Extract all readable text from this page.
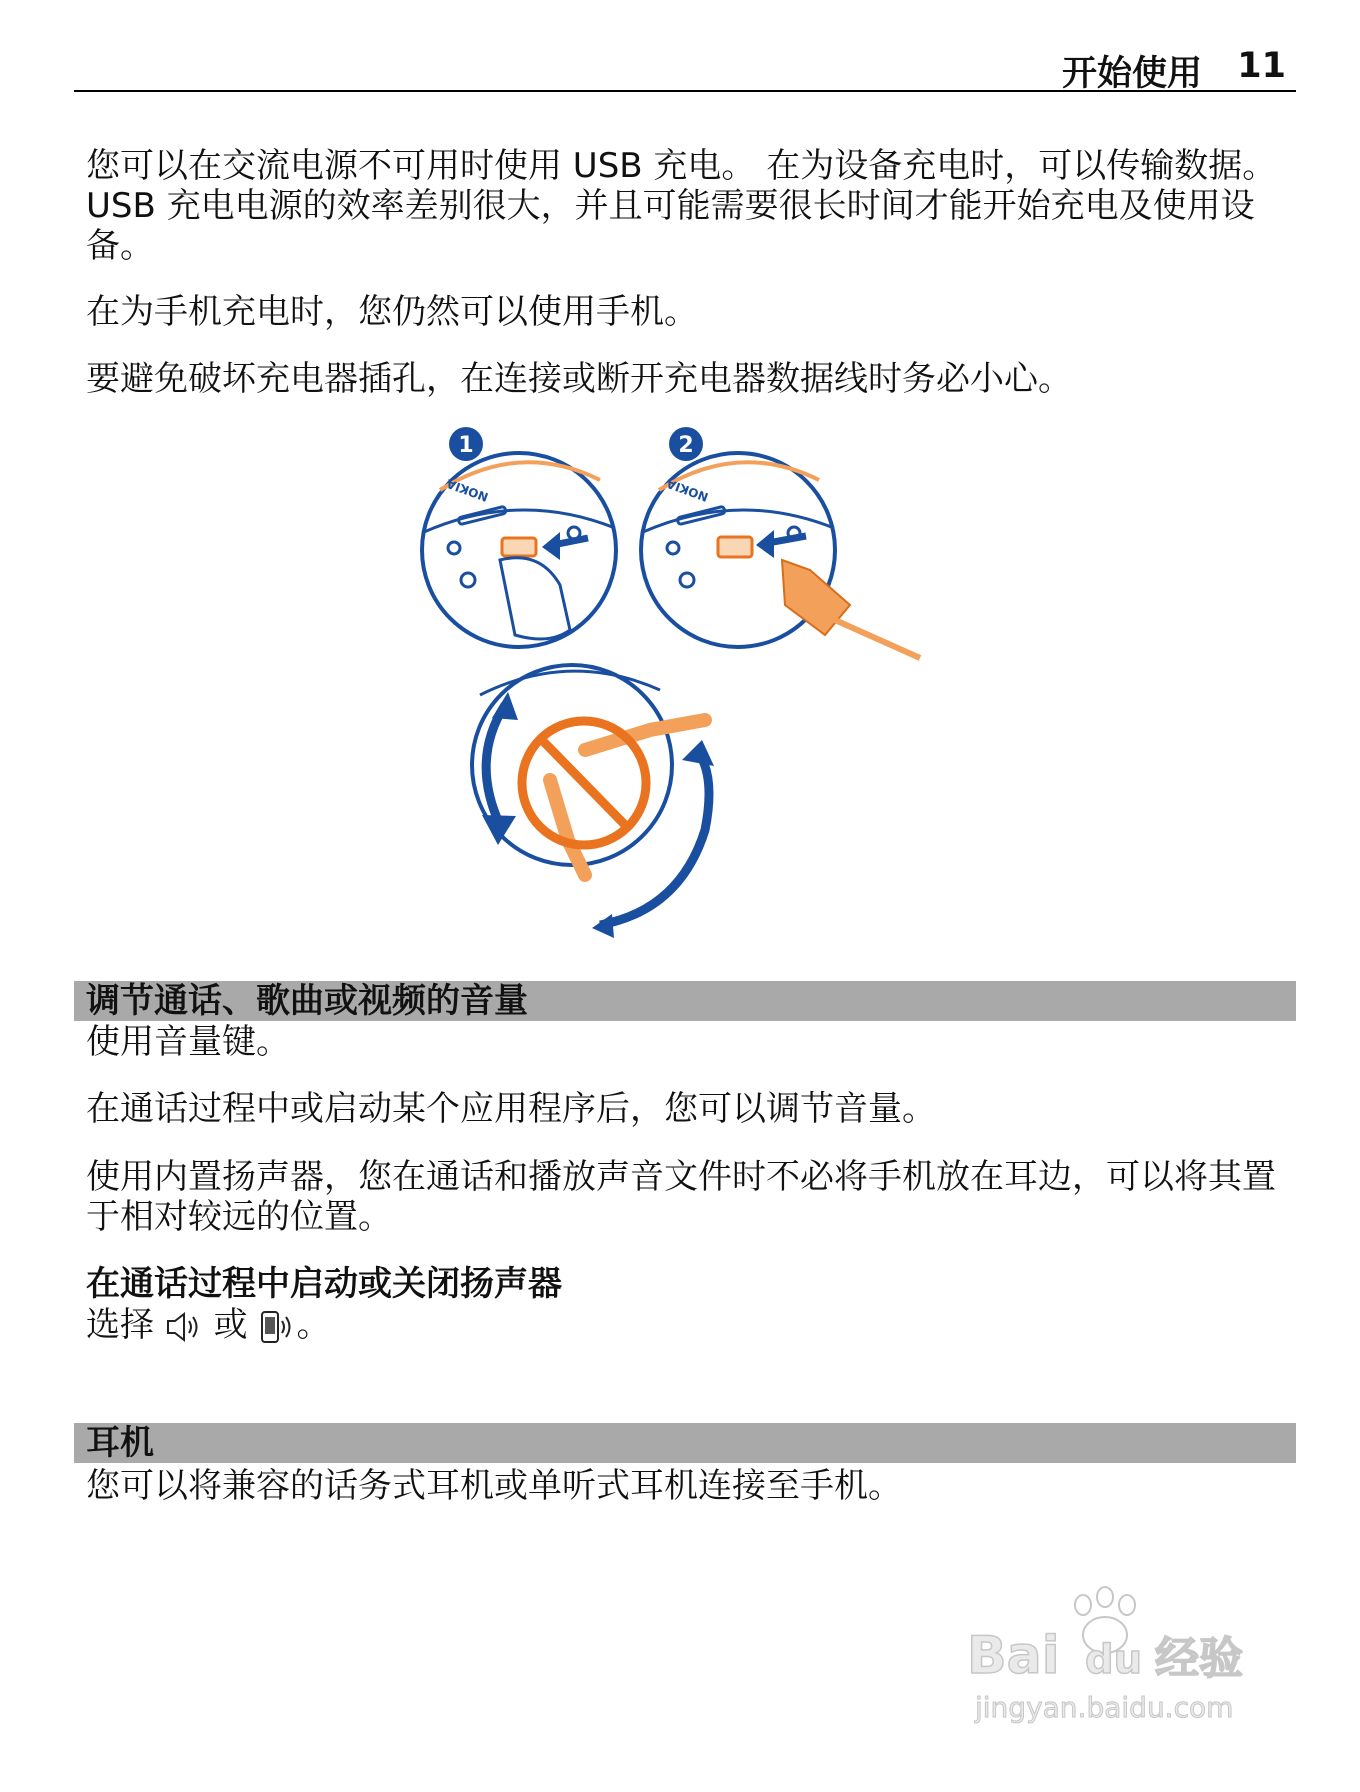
开始使用 11

您可以在交流电源不可用时使用 USB 充电。 在为设备充电时，可以传输数据。 USB 充电电源的效率差别很大，并且可能需要很长时间才能开始充电及使用设备。

在为手机充电时，您仍然可以使用手机。

要避免破坏充电器插孔，在连接或断开充电器数据线时务必小心。

NOKIA
1
NOKIA
2
调节通话、歌曲或视频的音量

使用音量键。

在通话过程中或启动某个应用程序后，您可以调节音量。

使用内置扬声器，您在通话和播放声音文件时不必将手机放在耳边，可以将其置于相对较远的位置。

在通话过程中启动或关闭扬声器
选择 或 。
耳机

您可以将兼容的话务式耳机或单听式耳机连接至手机。

Bai du 经验
jingyan.baidu.com
